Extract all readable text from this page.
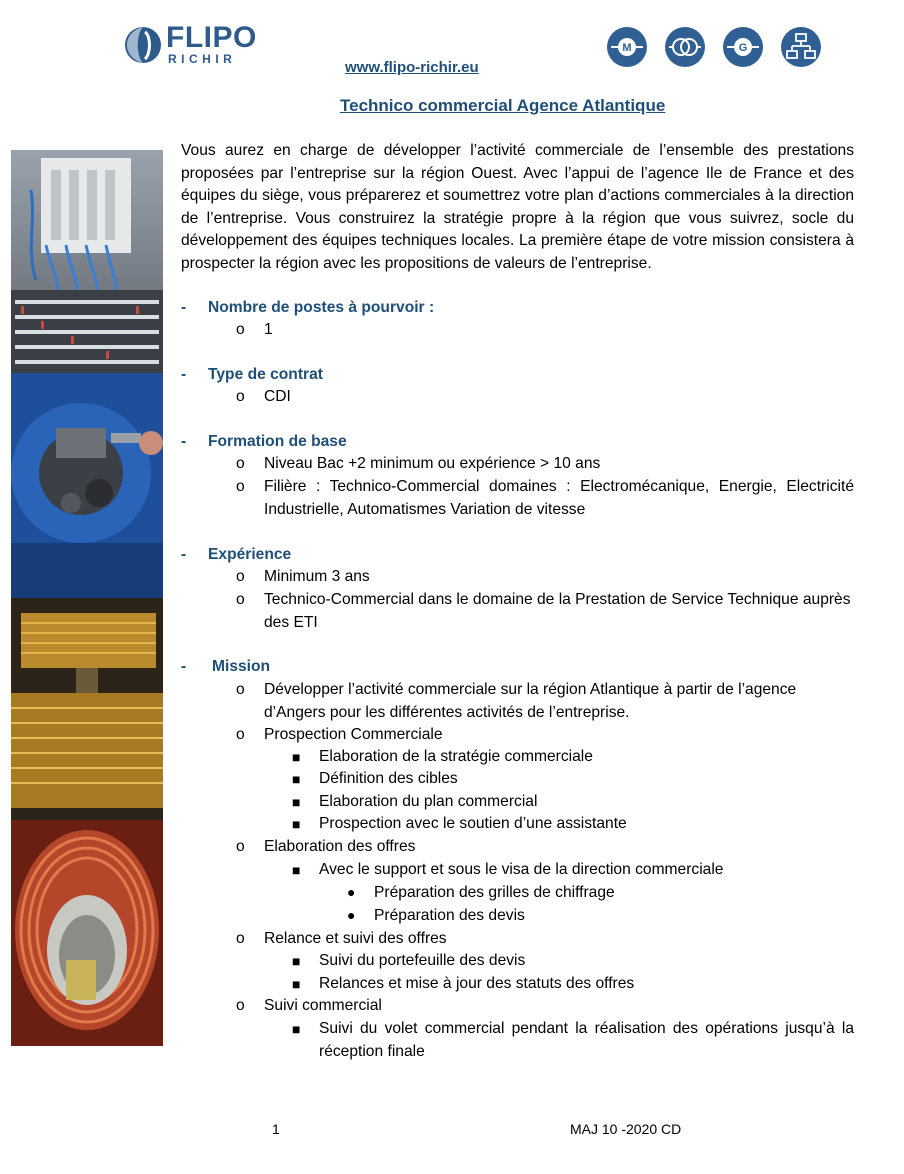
FLIPO
RICHIR	www.flipo-richir.eu
M	G
Technico commercial Agence Atlantique
Vous aurez en charge de développer l’activité commerciale de l’ensemble des prestations proposées par l’entreprise sur la région Ouest. Avec l’appui de l’agence Ile de France et des équipes du siège, vous préparerez et soumettrez votre plan d’actions commerciales à la direction de l’entreprise. Vous construirez la stratégie propre à la région que vous suivrez, socle du développement des équipes techniques locales. La première étape de votre mission consistera à prospecter la région avec les propositions de valeurs de l’entreprise.
- Nombre de postes à pourvoir :
o 1
- Type de contrat
o CDI
- Formation de base
o Niveau Bac +2 minimum ou expérience > 10 ans
o Filière : Technico-Commercial domaines : Electromécanique, Energie, Electricité Industrielle, Automatismes Variation de vitesse
- Expérience
o Minimum 3 ans
o Technico-Commercial dans le domaine de la Prestation de Service Technique auprès des ETI
- Mission
o Développer l’activité commerciale sur la région Atlantique à partir de l’agence d’Angers pour les différentes activités de l’entreprise.
o Prospection Commerciale
■ Elaboration de la stratégie commerciale
■ Définition des cibles
■ Elaboration du plan commercial
■ Prospection avec le soutien d’une assistante
o Elaboration des offres
■ Avec le support et sous le visa de la direction commerciale
● Préparation des grilles de chiffrage
● Préparation des devis
o Relance et suivi des offres
■ Suivi du portefeuille des devis
■ Relances et mise à jour des statuts des offres
o Suivi commercial
■ Suivi du volet commercial pendant la réalisation des opérations jusqu’à la réception finale
1	MAJ 10 -2020 CD
